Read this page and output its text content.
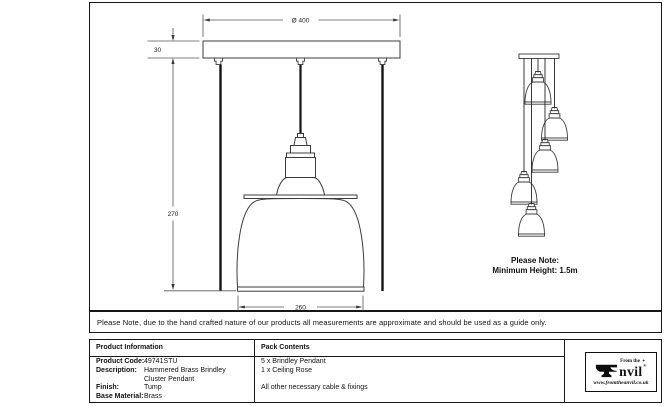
Please Note:
Minimum Height: 1.5m
Please Note, due to the hand crafted nature of our products all measurements are approximate and should be used as a guide only.
Product Information	Pack Contents
Product Code: 49741STU
Description:	Hammered Brass Brindley
Cluster Pendant
Finish:	Tump
Base Material: Brass
5 x Brindley Pendant
1 x Ceiling Rose
All other necessary cable & fixings
From the ✦
nvil ®
www.fromtheanvil.co.uk
Ø 400
30
270
260
